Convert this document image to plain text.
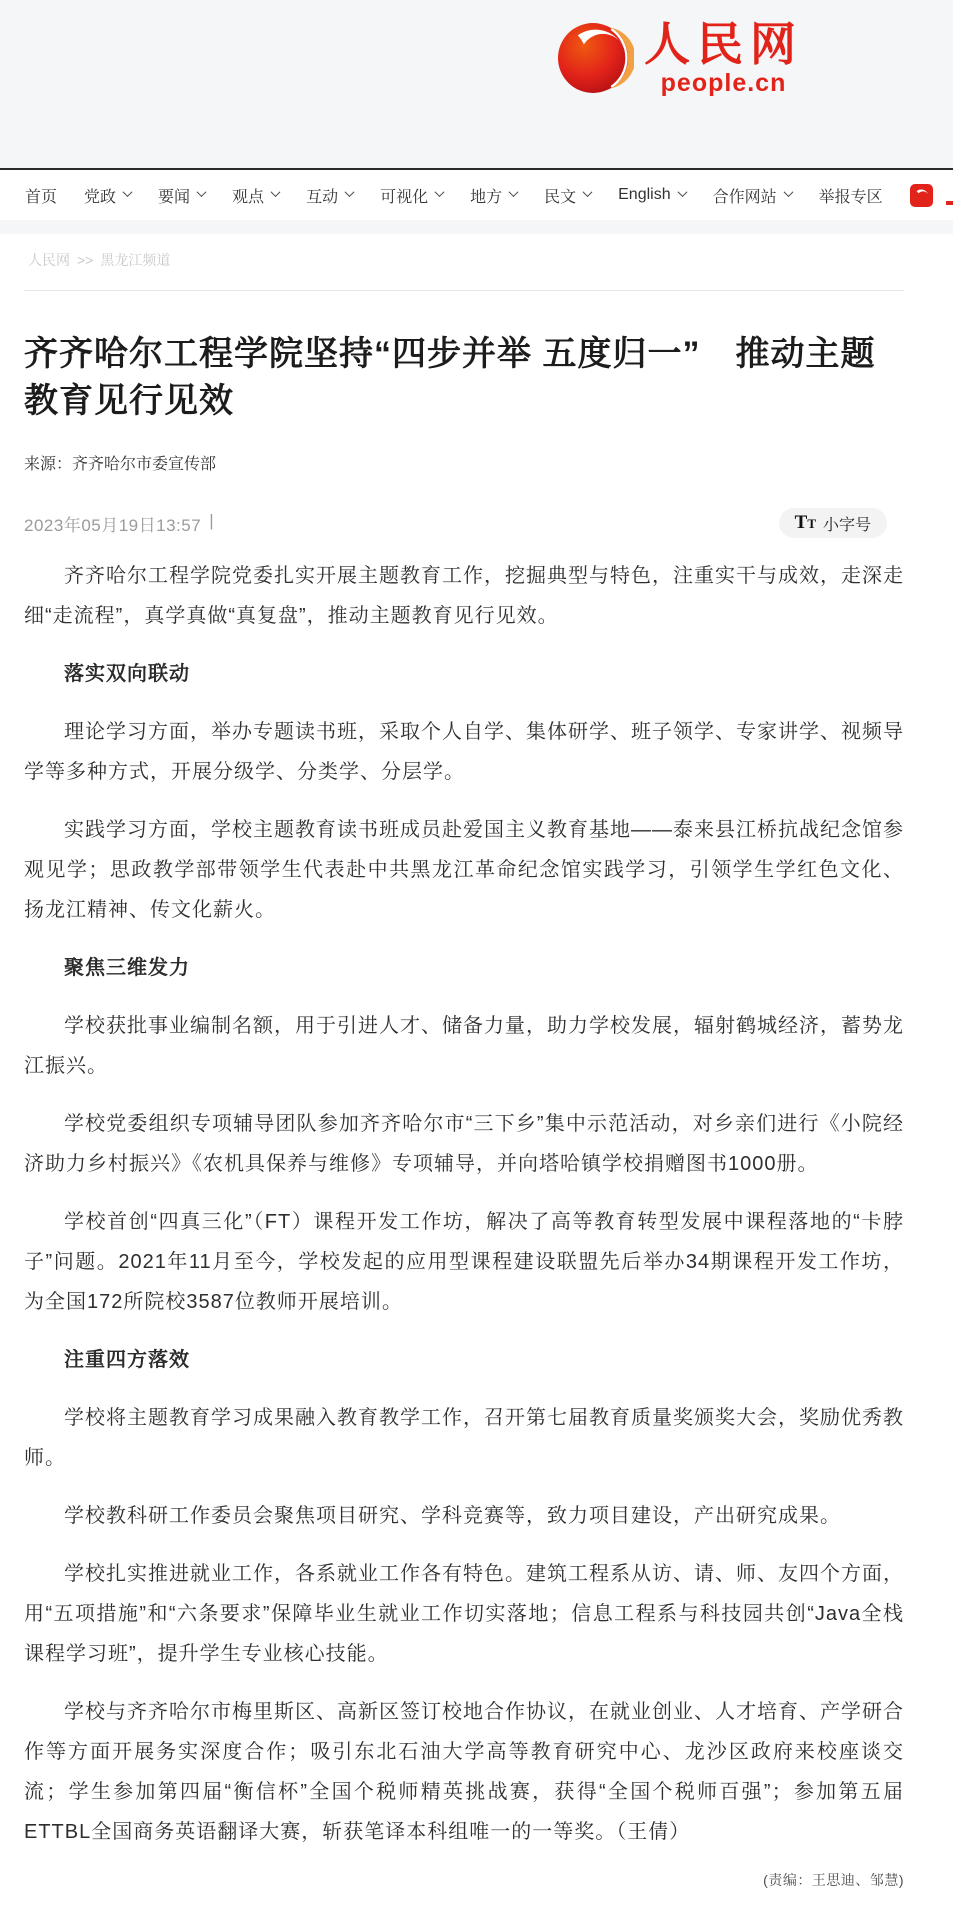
人民网
people.cn
首页 党政	要闻	观点	互动	可视化	地方	民文	English	合作网站	举报专区
人民网 >> 黑龙江频道
齐齐哈尔工程学院坚持“四步并举 五度归一”　推动主题教育见行见效
来源：齐齐哈尔市委宣传部
2023年05月19日13:57 |	T T 小字号

齐齐哈尔工程学院党委扎实开展主题教育工作，挖掘典型与特色，注重实干与成效，走深走细“走流程”，真学真做“真复盘”，推动主题教育见行见效。

落实双向联动

理论学习方面，举办专题读书班，采取个人自学、集体研学、班子领学、专家讲学、视频导学等多种方式，开展分级学、分类学、分层学。

实践学习方面，学校主题教育读书班成员赴爱国主义教育基地——泰来县江桥抗战纪念馆参观见学；思政教学部带领学生代表赴中共黑龙江革命纪念馆实践学习，引领学生学红色文化、扬龙江精神、传文化薪火。

聚焦三维发力

学校获批事业编制名额，用于引进人才、储备力量，助力学校发展，辐射鹤城经济，蓄势龙江振兴。

学校党委组织专项辅导团队参加齐齐哈尔市“三下乡”集中示范活动，对乡亲们进行《小院经济助力乡村振兴》《农机具保养与维修》专项辅导，并向塔哈镇学校捐赠图书1000册。

学校首创“四真三化”（FT）课程开发工作坊，解决了高等教育转型发展中课程落地的“卡脖子”问题。2021年11月至今，学校发起的应用型课程建设联盟先后举办34期课程开发工作坊，为全国172所院校3587位教师开展培训。

注重四方落效

学校将主题教育学习成果融入教育教学工作，召开第七届教育质量奖颁奖大会，奖励优秀教师。

学校教科研工作委员会聚焦项目研究、学科竞赛等，致力项目建设，产出研究成果。

学校扎实推进就业工作，各系就业工作各有特色。建筑工程系从访、请、师、友四个方面，用“五项措施”和“六条要求”保障毕业生就业工作切实落地；信息工程系与科技园共创“Java全栈课程学习班”，提升学生专业核心技能。

学校与齐齐哈尔市梅里斯区、高新区签订校地合作协议，在就业创业、人才培育、产学研合作等方面开展务实深度合作；吸引东北石油大学高等教育研究中心、龙沙区政府来校座谈交流；学生参加第四届“衡信杯”全国个税师精英挑战赛，获得“全国个税师百强”；参加第五届ETTBL全国商务英语翻译大赛，斩获笔译本科组唯一的一等奖。（王倩）

(责编：王思迪、邹慧)
